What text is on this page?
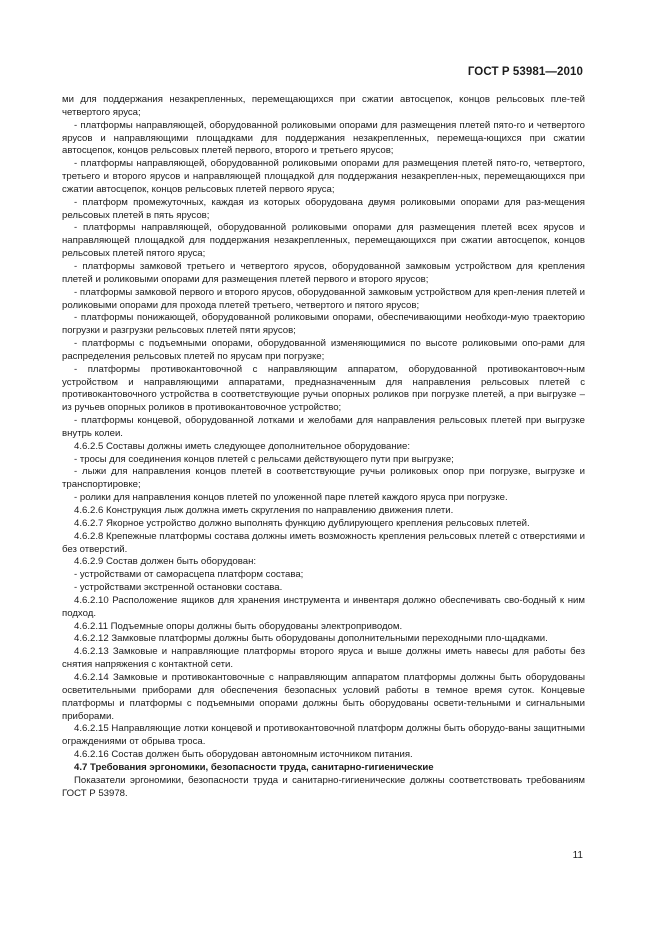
ГОСТ Р 53981—2010

ми для поддержания незакрепленных, перемещающихся при сжатии автосцепок, концов рельсовых пле-тей четвертого яруса;

- платформы направляющей, оборудованной роликовыми опорами для размещения плетей пято-го и четвертого ярусов и направляющими площадками для поддержания незакрепленных, перемеща-ющихся при сжатии автосцепок, концов рельсовых плетей первого, второго и третьего ярусов;

- платформы направляющей, оборудованной роликовыми опорами для размещения плетей пято-го, четвертого, третьего и второго ярусов и направляющей площадкой для поддержания незакреплен-ных, перемещающихся при сжатии автосцепок, концов рельсовых плетей первого яруса;

- платформ промежуточных, каждая из которых оборудована двумя роликовыми опорами для раз-мещения рельсовых плетей в пять ярусов;

- платформы направляющей, оборудованной роликовыми опорами для размещения плетей всех ярусов и направляющей площадкой для поддержания незакрепленных, перемещающихся при сжатии автосцепок, концов рельсовых плетей пятого яруса;

- платформы замковой третьего и четвертого ярусов, оборудованной замковым устройством для крепления плетей и роликовыми опорами для размещения плетей первого и второго ярусов;

- платформы замковой первого и второго ярусов, оборудованной замковым устройством для креп-ления плетей и роликовыми опорами для прохода плетей третьего, четвертого и пятого ярусов;

- платформы понижающей, оборудованной роликовыми опорами, обеспечивающими необходи-мую траекторию погрузки и разгрузки рельсовых плетей пяти ярусов;

- платформы с подъемными опорами, оборудованной изменяющимися по высоте роликовыми опо-рами для распределения рельсовых плетей по ярусам при погрузке;

- платформы противокантовочной с направляющим аппаратом, оборудованной противокантовоч-ным устройством и направляющими аппаратами, предназначенным для направления рельсовых плетей с противокантовочного устройства в соответствующие ручьи опорных роликов при погрузке плетей, а при выгрузке – из ручьев опорных роликов в противокантовочное устройство;

- платформы концевой, оборудованной лотками и желобами для направления рельсовых плетей при выгрузке внутрь колеи.

4.6.2.5 Составы должны иметь следующее дополнительное оборудование:

- тросы для соединения концов плетей с рельсами действующего пути при выгрузке;

- лыжи для направления концов плетей в соответствующие ручьи роликовых опор при погрузке, выгрузке и транспортировке;

- ролики для направления концов плетей по уложенной паре плетей каждого яруса при погрузке.

4.6.2.6 Конструкция лыж должна иметь скругления по направлению движения плети.

4.6.2.7 Якорное устройство должно выполнять функцию дублирующего крепления рельсовых плетей.

4.6.2.8 Крепежные платформы состава должны иметь возможность крепления рельсовых плетей с отверстиями и без отверстий.

4.6.2.9 Состав должен быть оборудован:

- устройствами от саморасцепа платформ состава;

- устройствами экстренной остановки состава.

4.6.2.10 Расположение ящиков для хранения инструмента и инвентаря должно обеспечивать сво-бодный к ним подход.

4.6.2.11 Подъемные опоры должны быть оборудованы электроприводом.

4.6.2.12 Замковые платформы должны быть оборудованы дополнительными переходными пло-щадками.

4.6.2.13 Замковые и направляющие платформы второго яруса и выше должны иметь навесы для работы без снятия напряжения с контактной сети.

4.6.2.14 Замковые и противокантовочные с направляющим аппаратом платформы должны быть оборудованы осветительными приборами для обеспечения безопасных условий работы в темное время суток. Концевые платформы и платформы с подъемными опорами должны быть оборудованы освети-тельными и сигнальными приборами.

4.6.2.15 Направляющие лотки концевой и противокантовочной платформ должны быть оборудо-ваны защитными ограждениями от обрыва троса.

4.6.2.16 Состав должен быть оборудован автономным источником питания.

4.7 Требования эргономики, безопасности труда, санитарно-гигиенические

Показатели эргономики, безопасности труда и санитарно-гигиенические должны соответствовать требованиям ГОСТ Р 53978.

11
